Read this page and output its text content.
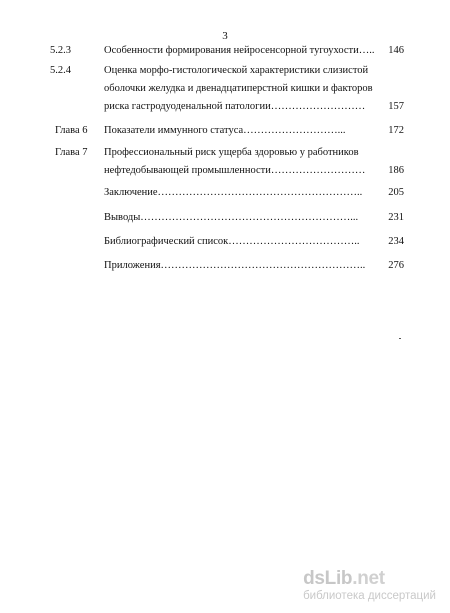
3
5.2.3	Особенности формирования нейросенсорной тугоухости…..	146
5.2.4	Оценка морфо-гистологической характеристики слизистой
оболочки желудка и двенадцатиперстной кишки и факторов
риска гастродуоденальной патологии………………………	157
Глава 6 Показатели иммунного статуса………………………...	172
Глава 7 Профессиональный риск ущерба здоровью у работников
нефтедобывающей промышленности………………………	186
Заключение…………………………………………………..	205
Выводы……………………………………………………...	231
Библиографический список………………………………..	234
Приложения…………………………………………………..	276
dsLib.net
библиотека диссертаций
